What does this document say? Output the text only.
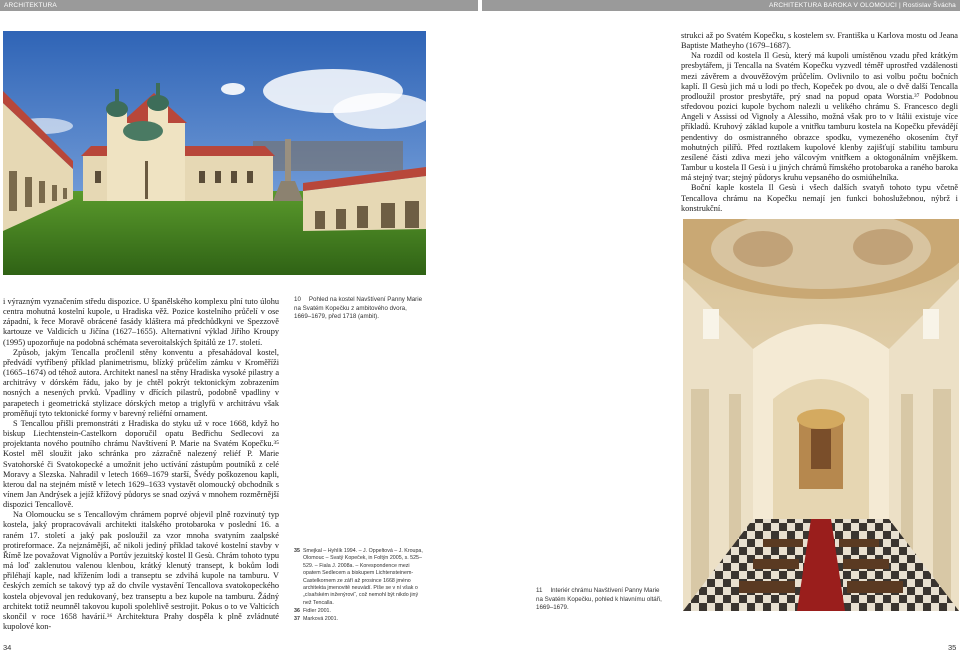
ARCHITEKTURA	ARCHITEKTURA BAROKA V OLOMOUCI | Rostislav Švácha

strukci až po Svatém Kopečku, s kostelem sv. Františka u Karlova mostu od Jeana Baptiste Matheyho (1679–1687).

Na rozdíl od kostela Il Gesù, který má kupoli umístěnou vzadu před krátkým presbytářem, ji Tencalla na Svatém Kopečku vyzvedl téměř uprostřed vzdálenosti mezi závěrem a dvouvěžovým průčelím. Ovlivnilo to asi volbu počtu bočních kaplí. Il Gesù jich má u lodi po třech, Kopeček po dvou, ale o dvě další Tencalla prodloužil prostor presbytáře, prý snad na popud opata Worstia.³⁷ Podobnou středovou pozici kupole bychom nalezli u velikého chrámu S. Francesco degli Angeli v Assissi od Vignoly a Alessiho, možná však pro to v Itálii existuje více příkladů. Kruhový základ kupole a vnitřku tamburu kostela na Kopečku převádějí pendentivy do osmistranného obrazce spodku, vymezeného okosením čtyř mohutných pilířů. Před roztlakem kupolové klenby zajišťují stabilitu tamburu zesílené části zdiva mezi jeho válcovým vnitřkem a oktogonálním vnějškem. Tambur u kostela Il Gesù i u jiných chrámů římského protobaroka a raného baroka má stejný tvar; stejný půdorys kruhu vepsaného do osmiúhelníka.

Boční kaple kostela Il Gesù i všech dalších svatyň tohoto typu včetně Tencallova chrámu na Kopečku nemají jen funkci bohoslužebnou, nýbrž i konstrukční.

i výrazným vyznačením středu dispozice. U španělského komplexu plní tuto úlohu centra mohutná kostelní kupole, u Hradiska věž. Pozice kostelního průčelí v ose západní, k řece Moravě obrácené fasády kláštera má předchůdkyni ve Spezzově kartouze ve Valdicích u Jičína (1627–1655). Alternativní výklad Jiřího Kroupy (1995) upozorňuje na podobná schémata severoitalských špitálů ze 17. století.

Způsob, jakým Tencalla pročlenil stěny konventu a přesahádoval kostel, předvádí vytříbený příklad planimetrismu, blízký průčelím zámku v Kroměříži (1665–1674) od téhož autora. Architekt nanesl na stěny Hradiska vysoké pilastry a architrávy v dórském řádu, jako by je chtěl pokrýt tektonickým zobrazením nosných a nesených prvků. Vpadliny v dřících pilastrů, podobně vpadliny v parapetech i geometrická stylizace dórských metop a triglyfů v architrávu však proměňují tyto tektonické formy v barevný reliéfní ornament.

S Tencallou přišli premonstráti z Hradiska do styku už v roce 1668, když ho biskup Liechtenstein-Castelkorn doporučil opatu Bedřichu Sedlecovi za projektanta nového poutního chrámu Navštívení P. Marie na Svatém Kopečku.³⁵ Kostel měl sloužit jako schránka pro zázračně nalezený reliéf P. Marie Svatohorské či Svatokopecké a umožnit jeho uctívání zástupům poutníků z celé Moravy a Slezska. Nahradil v letech 1669–1679 starší, Švédy poškozenou kapli, kterou dal na stejném místě v letech 1629–1633 vystavět olomoucký obchodník s vínem Jan Andrýsek a jejíž křížový půdorys se snad ozývá v mnohem rozměrnější dispozici Tencallově.

Na Olomoucku se s Tencallovým chrámem poprvé objevil plně rozvinutý typ kostela, jaký propracovávali architekti italského protobaroka v poslední 16. a raném 17. století a jaký pak posloužil za vzor mnoha svatyním zaalpské protireformace. Za nejznámější, ač nikoli jediný příklad takové kostelní stavby v Římě lze považovat Vignolův a Portův jezuitský kostel Il Gesù. Chrám tohoto typu má loď zaklenutou valenou klenbou, krátký klenutý transept, k bokům lodi přiléhají kaple, nad křížením lodi a transeptu se zdvihá kupole na tamburu. V českých zemích se takový typ až do chvíle vystavění Tencallova svatokopeckého kostela objevoval jen redukovaný, bez transeptu a bez kupole na tamburu. Žádný architekt totiž neumněl takovou kupoli spolehlivě sestrojit. Pokus o to ve Valticích skončil v roce 1658 havárií.³⁶ Architektura Prahy dospěla k plně zvládnuté kupolové kon-

10 Pohled na kostel Navštívení Panny Marie na Svatém Kopečku z ambitového dvora, 1669–1679, před 1718 (ambit).
35 Smejkal – Hyhlík 1994. – J. Oppeltová – J. Kroupa, Olomouc – Svatý Kopeček, in Foltýn 2005, s. 525–529. – Fiala J. 2008a. – Korespondence mezi opatem Sedlecem a biskupem Lichtensteinem-Castelkornem ze září až prosince 1668 jméno architekta jmenovitě neuvádí. Píše se v ní však o „císařském inženýrovi“, což nemohl být nikdo jiný než Tencalla.
36 Fidler 2001.
37 Marková 2001.
11 Interiér chrámu Navštívení Panny Marie na Svatém Kopečku, pohled k hlavnímu oltáři, 1669–1679.
34	35
